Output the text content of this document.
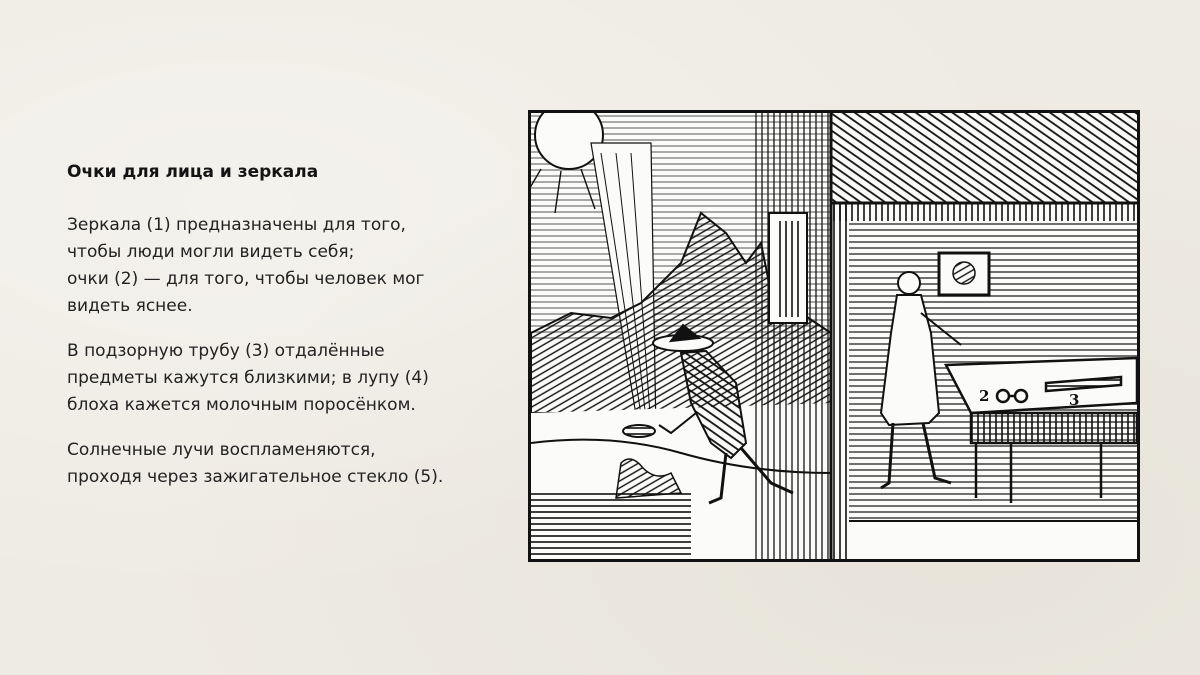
Очки для лица и зеркала

Зеркала (1) предназначены для того,
чтобы люди могли видеть себя;
очки (2) — для того, чтобы человек мог
видеть яснее.

В подзорную трубу (3) отдалённые
предметы кажутся близкими; в лупу (4)
блоха кажется молочным поросёнком.

Солнечные лучи воспламеняются,
проходя через зажигательное стекло (5).

2	3
